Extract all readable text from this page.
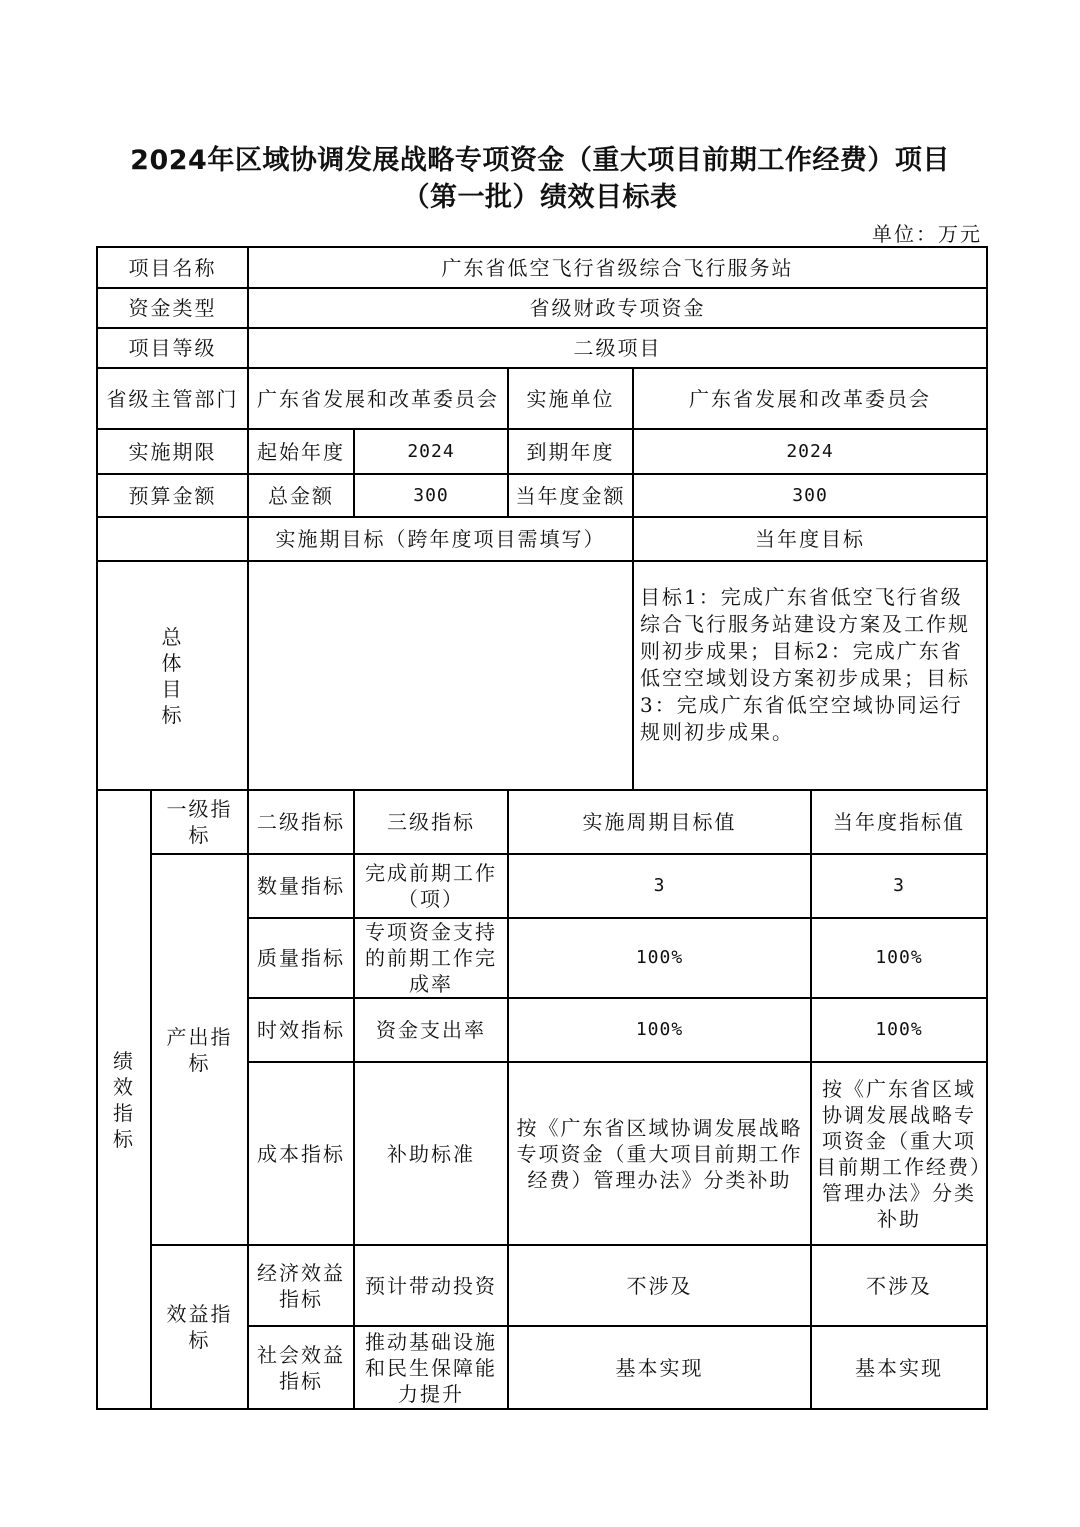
2024年区域协调发展战略专项资金（重大项目前期工作经费）项目
（第一批）绩效目标表
单位：万元
项目名称		广东省低空飞行省级综合飞行服务站				
资金类型		省级财政专项资金				
项目等级		二级项目				
省级主管部门		广东省发展和改革委员会		实施单位	广东省发展和改革委员会	
实施期限		起始年度	2024	到期年度	2024	
预算金额		总金额	300	当年度金额	300	
		实施期目标（跨年度项目需填写）			当年度目标	
总体目标					目标1：完成广东省低空飞行省级综合飞行服务站建设方案及工作规则初步成果；目标2：完成广东省低空空域划设方案初步成果；目标3：完成广东省低空空域协同运行规则初步成果。	
绩效指标	一级指标	二级指标	三级指标	实施周期目标值		当年度指标值
	产出指标	数量指标	完成前期工作（项）	3		3
		质量指标	专项资金支持的前期工作完成率	100%		100%
		时效指标	资金支出率	100%		100%
		成本指标	补助标准	按《广东省区域协调发展战略专项资金（重大项目前期工作经费）管理办法》分类补助		按《广东省区域协调发展战略专项资金（重大项目前期工作经费）管理办法》分类补助
	效益指标	经济效益指标	预计带动投资	不涉及		不涉及
		社会效益指标	推动基础设施和民生保障能力提升	基本实现		基本实现
